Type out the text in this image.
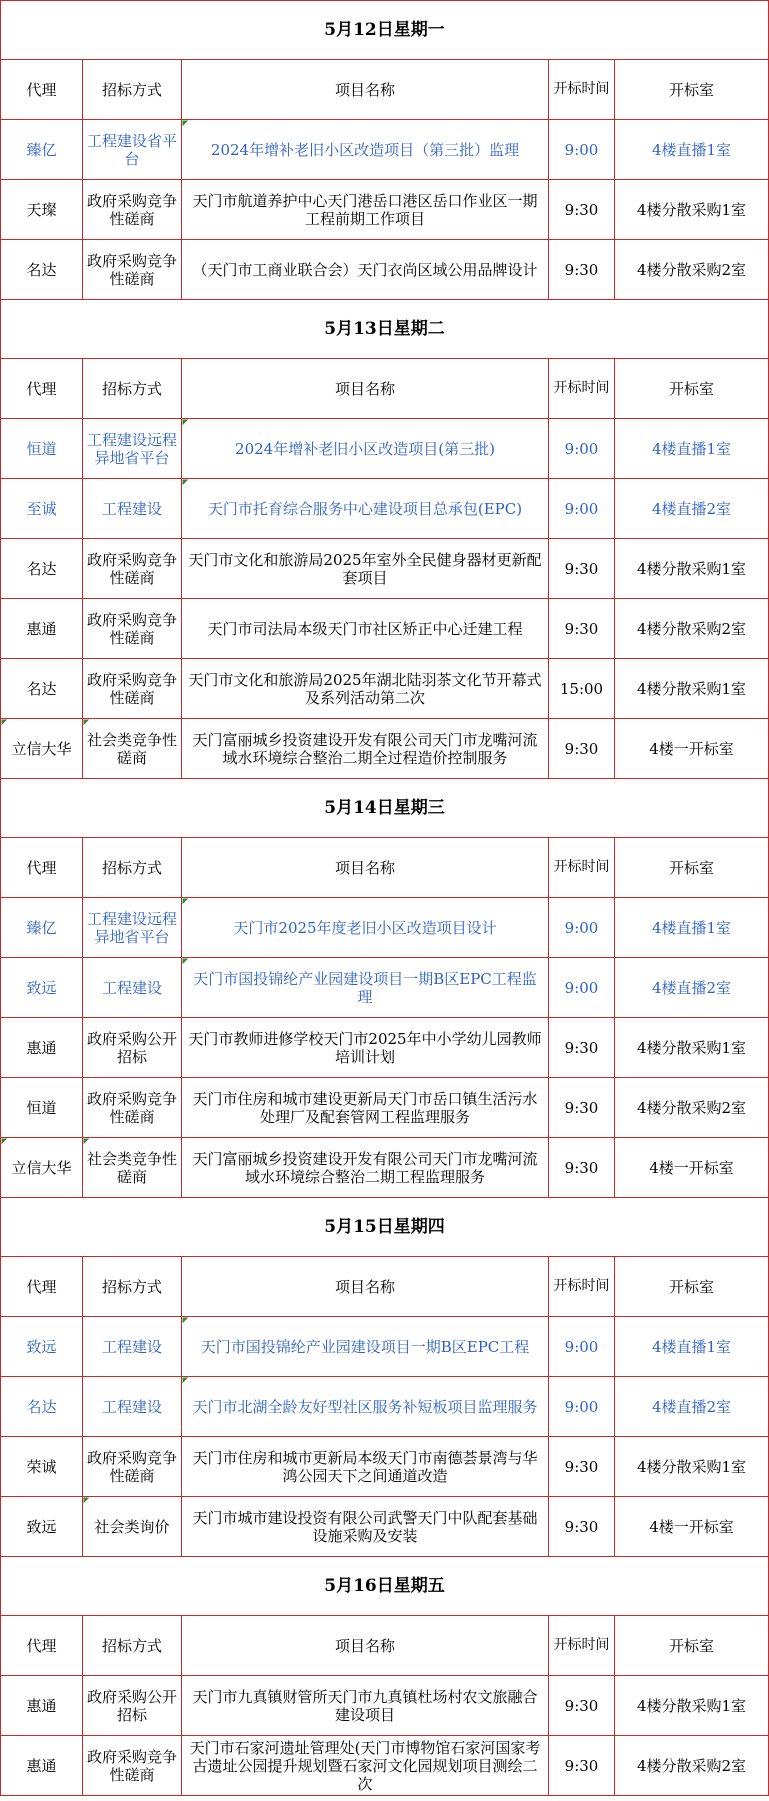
5月12日星期一				
代理	招标方式	项目名称	开标时间	开标室
臻亿	工程建设省平台	2024年增补老旧小区改造项目（第三批）监理	9:00	4楼直播1室
天璨	政府采购竞争性磋商	天门市航道养护中心天门港岳口港区岳口作业区一期工程前期工作项目	9:30	4楼分散采购1室
名达	政府采购竞争性磋商	（天门市工商业联合会）天门衣尚区域公用品牌设计	9:30	4楼分散采购2室
5月13日星期二				
代理	招标方式	项目名称	开标时间	开标室
恒道	工程建设远程异地省平台	2024年增补老旧小区改造项目(第三批)	9:00	4楼直播1室
至诚	工程建设	天门市托育综合服务中心建设项目总承包(EPC)	9:00	4楼直播2室
名达	政府采购竞争性磋商	天门市文化和旅游局2025年室外全民健身器材更新配套项目	9:30	4楼分散采购1室
惠通	政府采购竞争性磋商	天门市司法局本级天门市社区矫正中心迁建工程	9:30	4楼分散采购2室
名达	政府采购竞争性磋商	天门市文化和旅游局2025年湖北陆羽茶文化节开幕式及系列活动第二次	15:00	4楼分散采购1室
立信大华	社会类竞争性磋商	天门富丽城乡投资建设开发有限公司天门市龙嘴河流域水环境综合整治二期全过程造价控制服务	9:30	4楼一开标室
5月14日星期三				
代理	招标方式	项目名称	开标时间	开标室
臻亿	工程建设远程异地省平台	天门市2025年度老旧小区改造项目设计	9:00	4楼直播1室
致远	工程建设	天门市国投锦纶产业园建设项目一期B区EPC工程监理	9:00	4楼直播2室
惠通	政府采购公开招标	天门市教师进修学校天门市2025年中小学幼儿园教师培训计划	9:30	4楼分散采购1室
恒道	政府采购竞争性磋商	天门市住房和城市建设更新局天门市岳口镇生活污水处理厂及配套管网工程监理服务	9:30	4楼分散采购2室
立信大华	社会类竞争性磋商	天门富丽城乡投资建设开发有限公司天门市龙嘴河流域水环境综合整治二期工程监理服务	9:30	4楼一开标室
5月15日星期四				
代理	招标方式	项目名称	开标时间	开标室
致远	工程建设	天门市国投锦纶产业园建设项目一期B区EPC工程	9:00	4楼直播1室
名达	工程建设	天门市北湖全龄友好型社区服务补短板项目监理服务	9:00	4楼直播2室
荣诚	政府采购竞争性磋商	天门市住房和城市更新局本级天门市南德荟景湾与华鸿公园天下之间通道改造	9:30	4楼分散采购1室
致远	社会类询价	天门市城市建设投资有限公司武警天门中队配套基础设施采购及安装	9:30	4楼一开标室
5月16日星期五				
代理	招标方式	项目名称	开标时间	开标室
惠通	政府采购公开招标	天门市九真镇财管所天门市九真镇杜场村农文旅融合建设项目	9:30	4楼分散采购1室
惠通	政府采购竞争性磋商	天门市石家河遗址管理处(天门市博物馆石家河国家考古遗址公园提升规划暨石家河文化园规划项目测绘二次	9:30	4楼分散采购2室
